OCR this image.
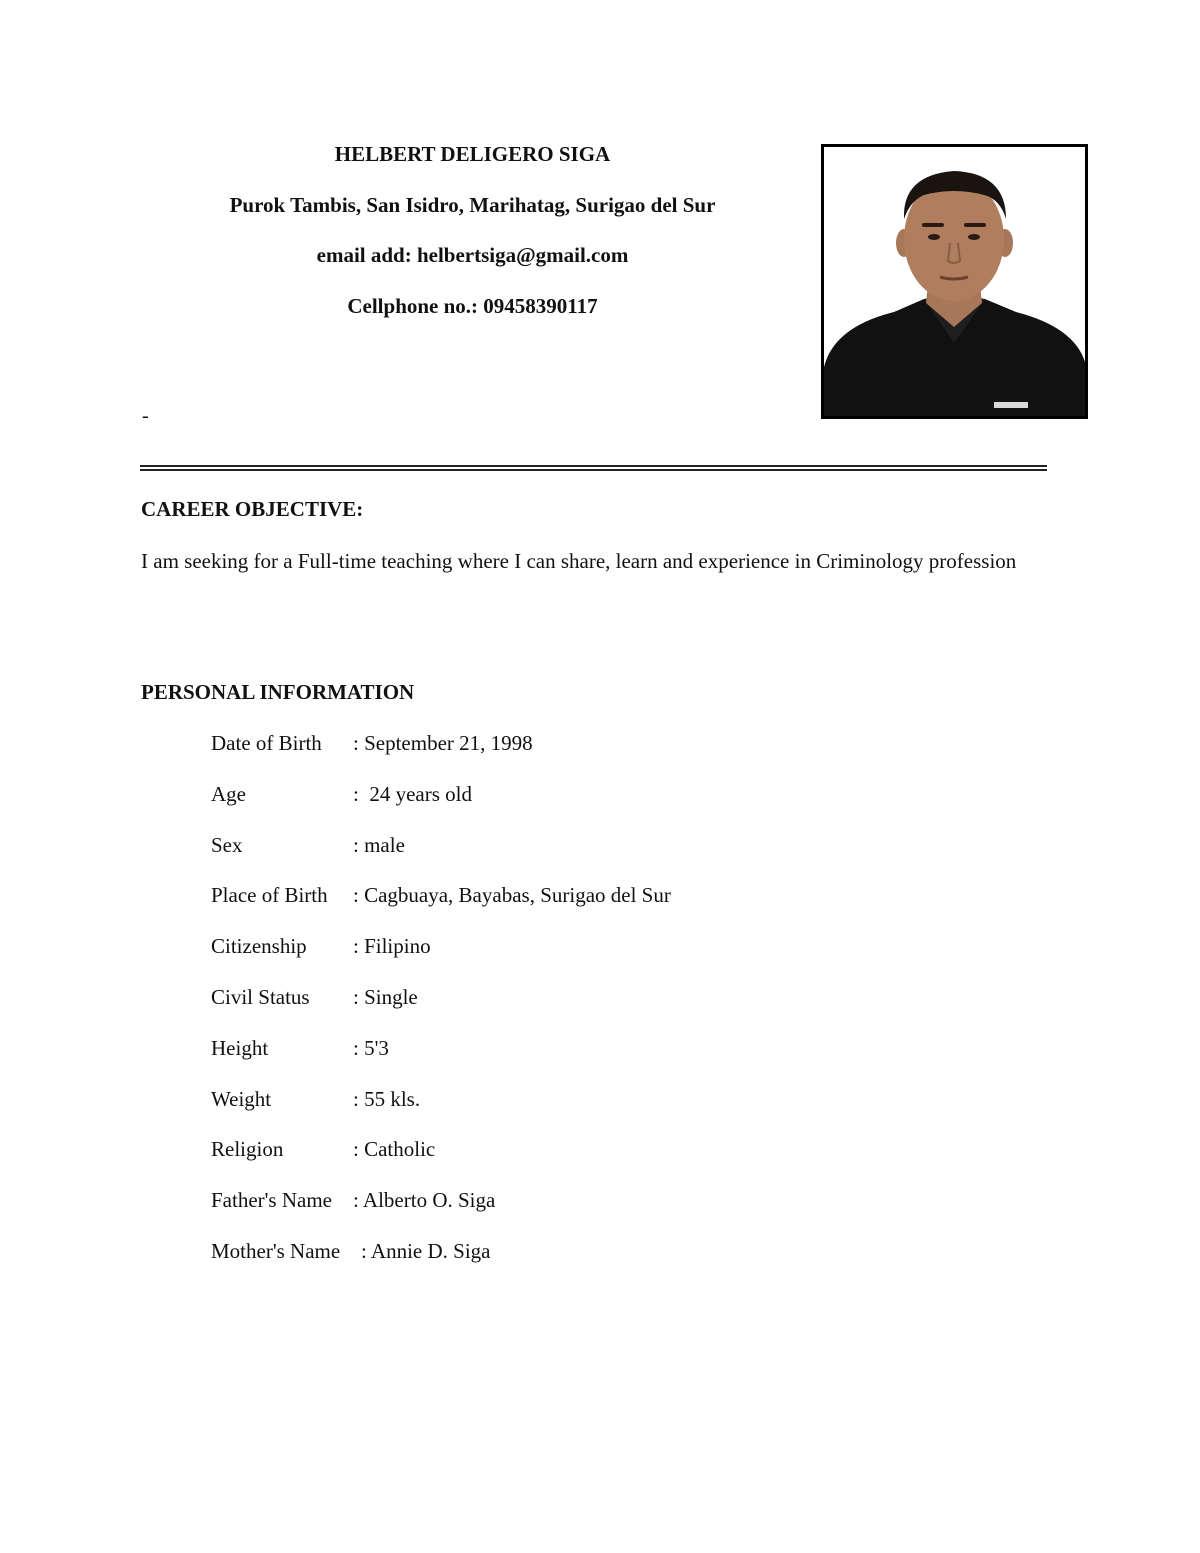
HELBERT DELIGERO SIGA
Purok Tambis, San Isidro, Marihatag, Surigao del Sur
email add: helbertsiga@gmail.com
Cellphone no.: 09458390117
-
CAREER OBJECTIVE:
I am seeking for a Full-time teaching where I can share, learn and experience in Criminology profession
PERSONAL INFORMATION
Date of Birth : September 21, 1998
Age	:  24 years old
Sex	: male
Place of Birth : Cagbuaya, Bayabas, Surigao del Sur
Citizenship : Filipino
Civil Status : Single
Height	: 5'3
Weight	: 55 kls.
Religion	: Catholic
Father's Name : Alberto O. Siga
Mother's Name : Annie D. Siga
